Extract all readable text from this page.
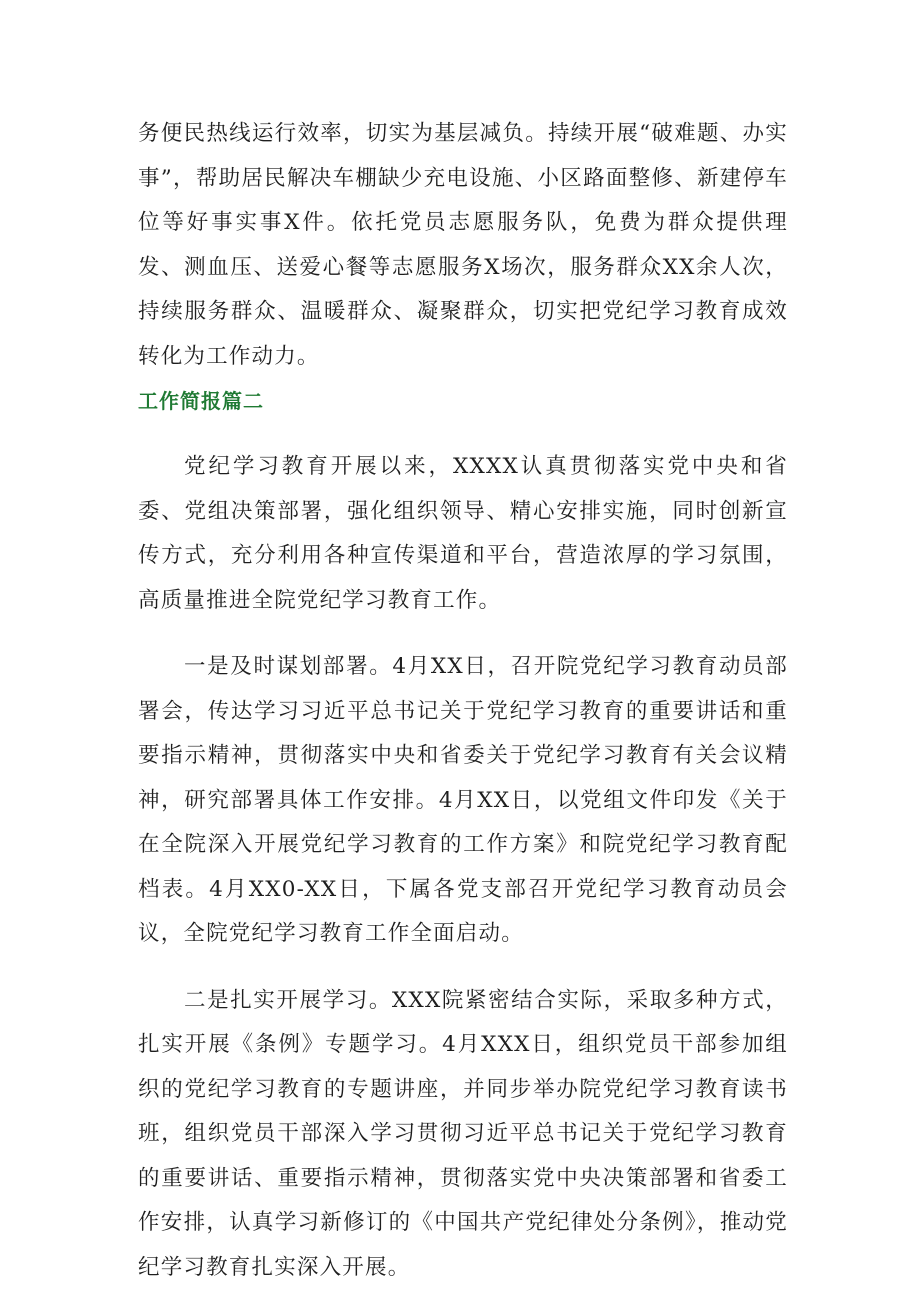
务便民热线运行效率，切实为基层减负。持续开展“破难题、办实事”，帮助居民解决车棚缺少充电设施、小区路面整修、新建停车位等好事实事X件。依托党员志愿服务队，免费为群众提供理发、测血压、送爱心餐等志愿服务X场次，服务群众XX余人次，持续服务群众、温暖群众、凝聚群众，切实把党纪学习教育成效转化为工作动力。

工作简报篇二

党纪学习教育开展以来，XXXX认真贯彻落实党中央和省委、党组决策部署，强化组织领导、精心安排实施，同时创新宣传方式，充分利用各种宣传渠道和平台，营造浓厚的学习氛围，高质量推进全院党纪学习教育工作。

一是及时谋划部署。4月XX日，召开院党纪学习教育动员部署会，传达学习习近平总书记关于党纪学习教育的重要讲话和重要指示精神，贯彻落实中央和省委关于党纪学习教育有关会议精神，研究部署具体工作安排。4月XX日，以党组文件印发《关于在全院深入开展党纪学习教育的工作方案》和院党纪学习教育配档表。4月XX0-XX日，下属各党支部召开党纪学习教育动员会议，全院党纪学习教育工作全面启动。

二是扎实开展学习。XXX院紧密结合实际，采取多种方式，扎实开展《条例》专题学习。4月XXX日，组织党员干部参加组织的党纪学习教育的专题讲座，并同步举办院党纪学习教育读书班，组织党员干部深入学习贯彻习近平总书记关于党纪学习教育的重要讲话、重要指示精神，贯彻落实党中央决策部署和省委工作安排，认真学习新修订的《中国共产党纪律处分条例》，推动党纪学习教育扎实深入开展。
